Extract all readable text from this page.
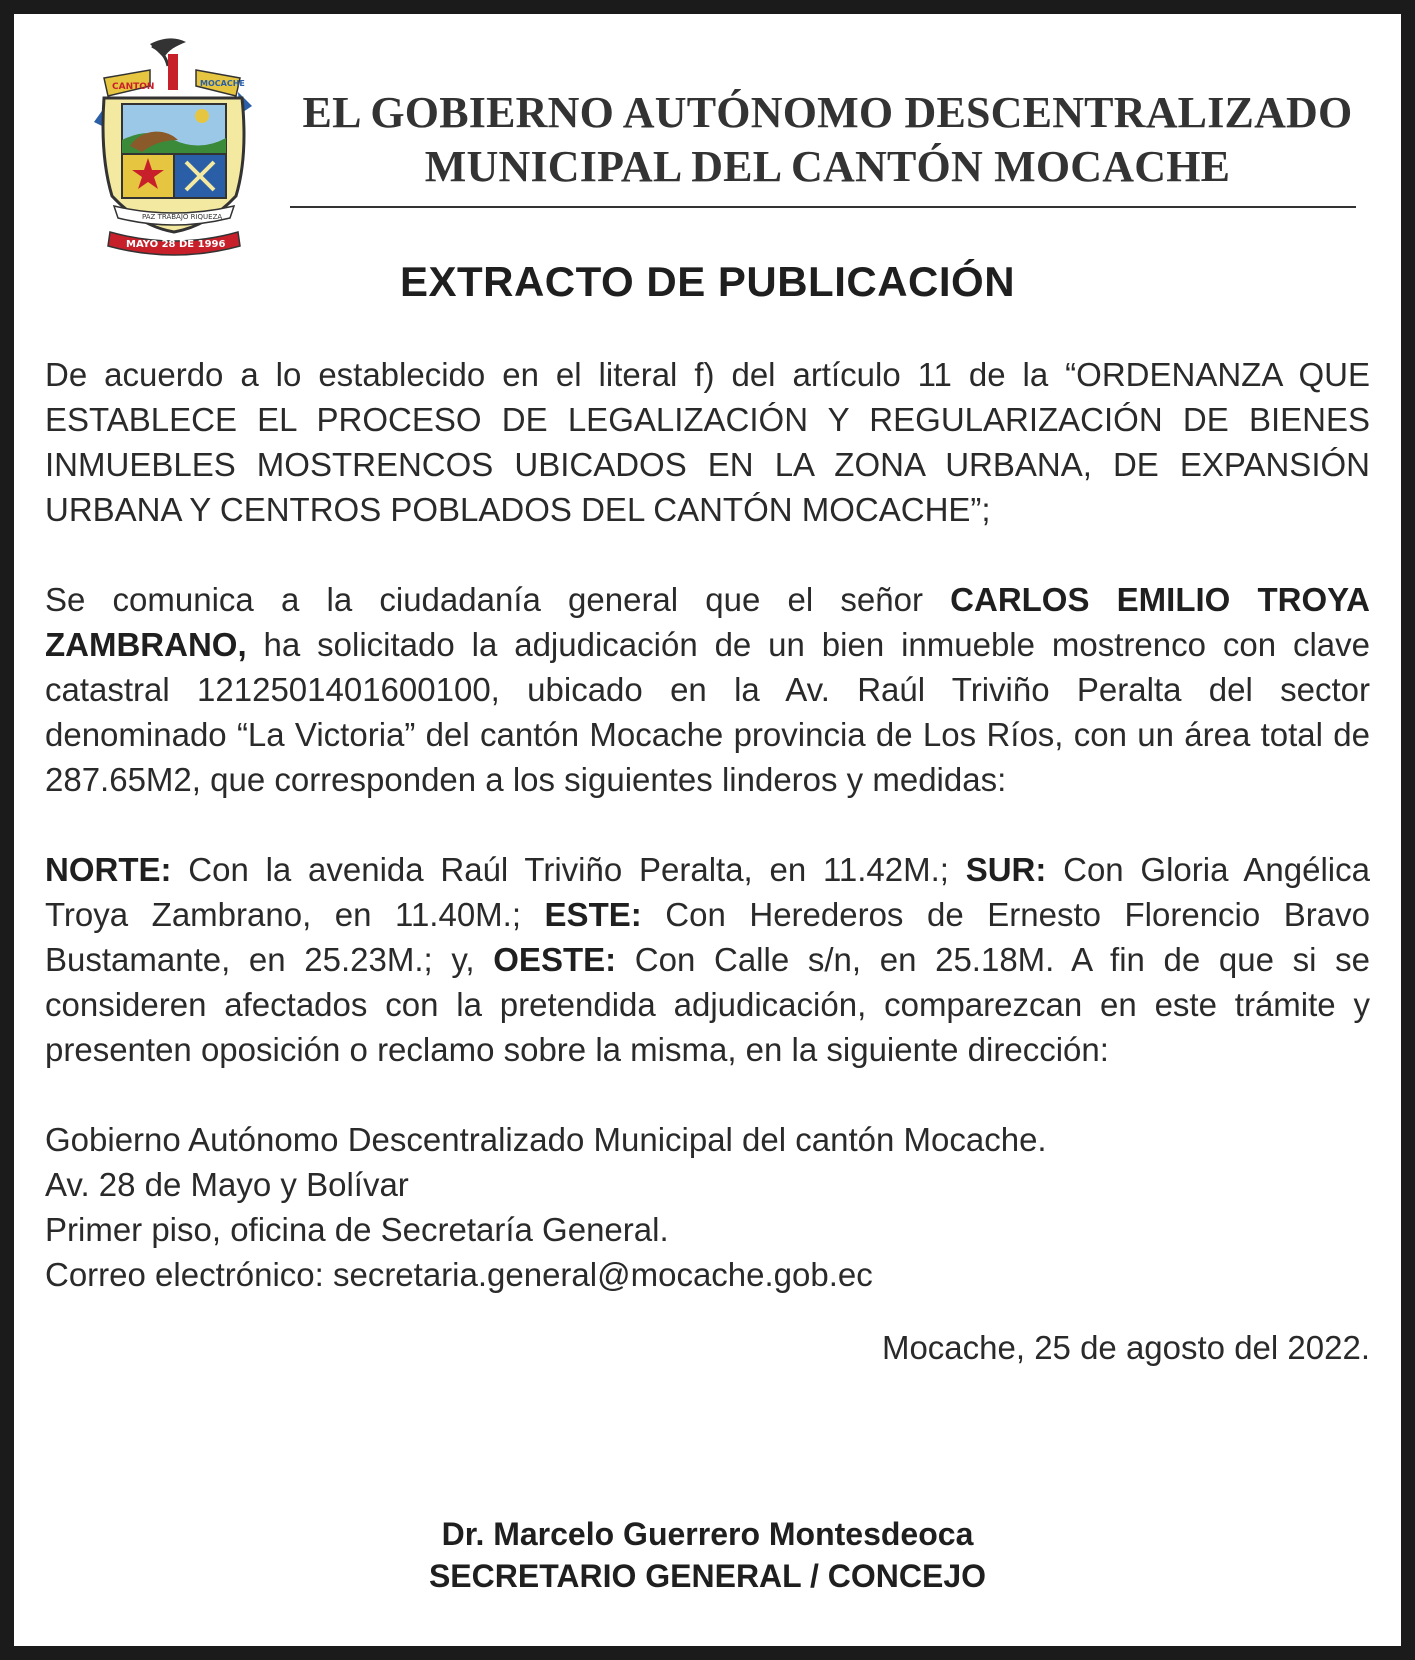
CANTON	MOCACHE
PAZ TRABAJO RIQUEZA
MAYO 28 DE 1996
EL GOBIERNO AUTÓNOMO DESCENTRALIZADO
MUNICIPAL DEL CANTÓN MOCACHE
EXTRACTO DE PUBLICACIÓN

De acuerdo a lo establecido en el literal f) del artículo 11 de la “ORDENANZA QUE ESTABLECE EL PROCESO DE LEGALIZACIÓN Y REGULARIZACIÓN DE BIENES INMUEBLES MOSTRENCOS UBICADOS EN LA ZONA URBANA, DE EXPANSIÓN URBANA Y CENTROS POBLADOS DEL CANTÓN MOCACHE”;

Se comunica a la ciudadanía general que el señor CARLOS EMILIO TROYA ZAMBRANO, ha solicitado la adjudicación de un bien inmueble mostrenco con clave catastral 1212501401600100, ubicado en la Av. Raúl Triviño Peralta del sector denominado “La Victoria” del cantón Mocache provincia de Los Ríos, con un área total de 287.65M2, que corresponden a los siguientes linderos y medidas:

NORTE: Con la avenida Raúl Triviño Peralta, en 11.42M.; SUR: Con Gloria Angélica Troya Zambrano, en 11.40M.; ESTE: Con Herederos de Ernesto Florencio Bravo Bustamante, en 25.23M.; y, OESTE: Con Calle s/n, en 25.18M. A fin de que si se consideren afectados con la pretendida adjudicación, comparezcan en este trámite y presenten oposición o reclamo sobre la misma, en la siguiente dirección:

Gobierno Autónomo Descentralizado Municipal del cantón Mocache.
Av. 28 de Mayo y Bolívar
Primer piso, oficina de Secretaría General.
Correo electrónico: secretaria.general@mocache.gob.ec
Mocache, 25 de agosto del 2022.
Dr. Marcelo Guerrero Montesdeoca
SECRETARIO GENERAL / CONCEJO
